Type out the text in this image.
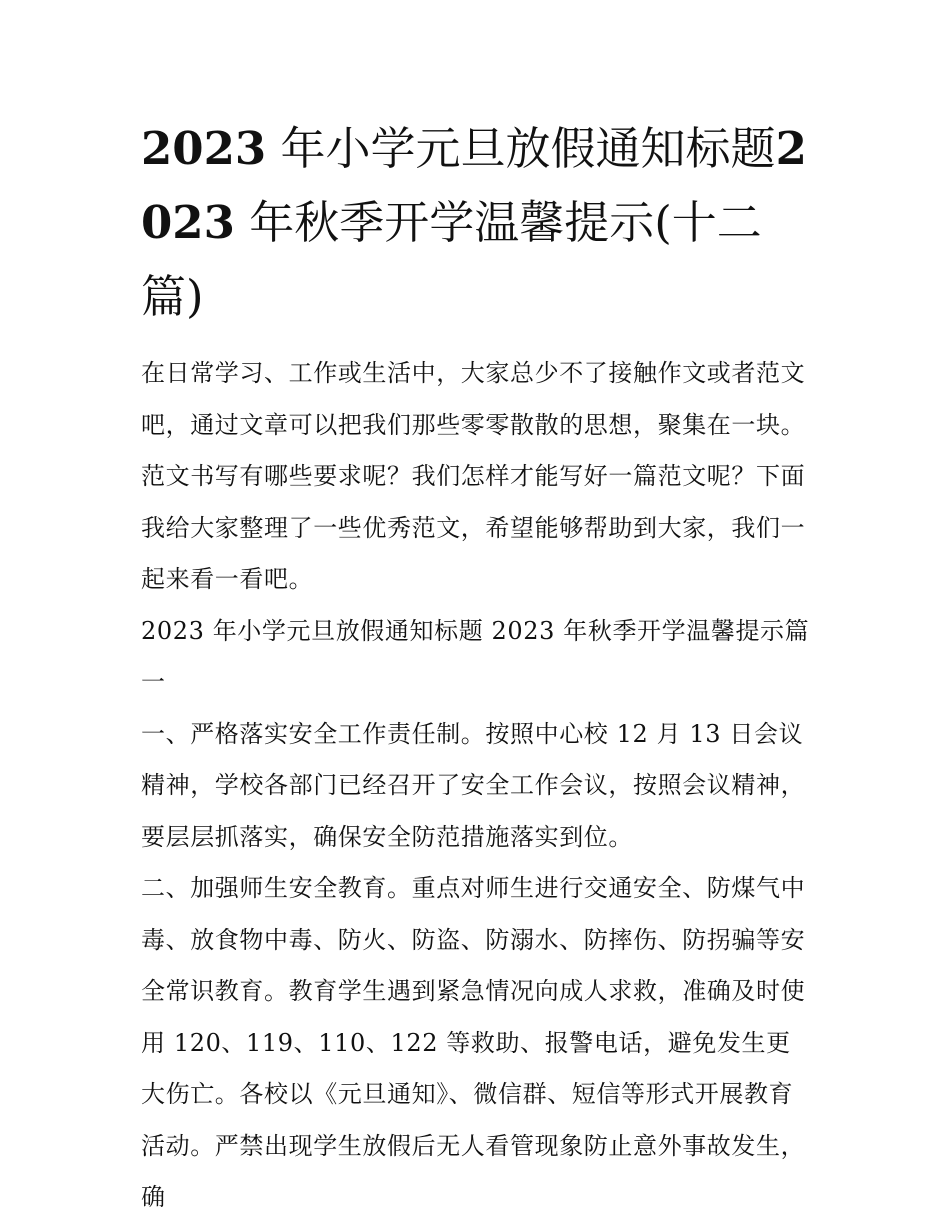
2023 年小学元旦放假通知标题2023 年秋季开学温馨提示(十二篇)

在日常学习、工作或生活中，大家总少不了接触作文或者范文吧，通过文章可以把我们那些零零散散的思想，聚集在一块。范文书写有哪些要求呢？我们怎样才能写好一篇范文呢？下面我给大家整理了一些优秀范文，希望能够帮助到大家，我们一起来看一看吧。

2023 年小学元旦放假通知标题 2023 年秋季开学温馨提示篇一

一、严格落实安全工作责任制。按照中心校 12 月 13 日会议精神，学校各部门已经召开了安全工作会议，按照会议精神，要层层抓落实，确保安全防范措施落实到位。

二、加强师生安全教育。重点对师生进行交通安全、防煤气中毒、放食物中毒、防火、防盗、防溺水、防摔伤、防拐骗等安全常识教育。教育学生遇到紧急情况向成人求救，准确及时使用 120、119、110、122 等救助、报警电话，避免发生更大伤亡。各校以《元旦通知》、微信群、短信等形式开展教育活动。严禁出现学生放假后无人看管现象防止意外事故发生，确
